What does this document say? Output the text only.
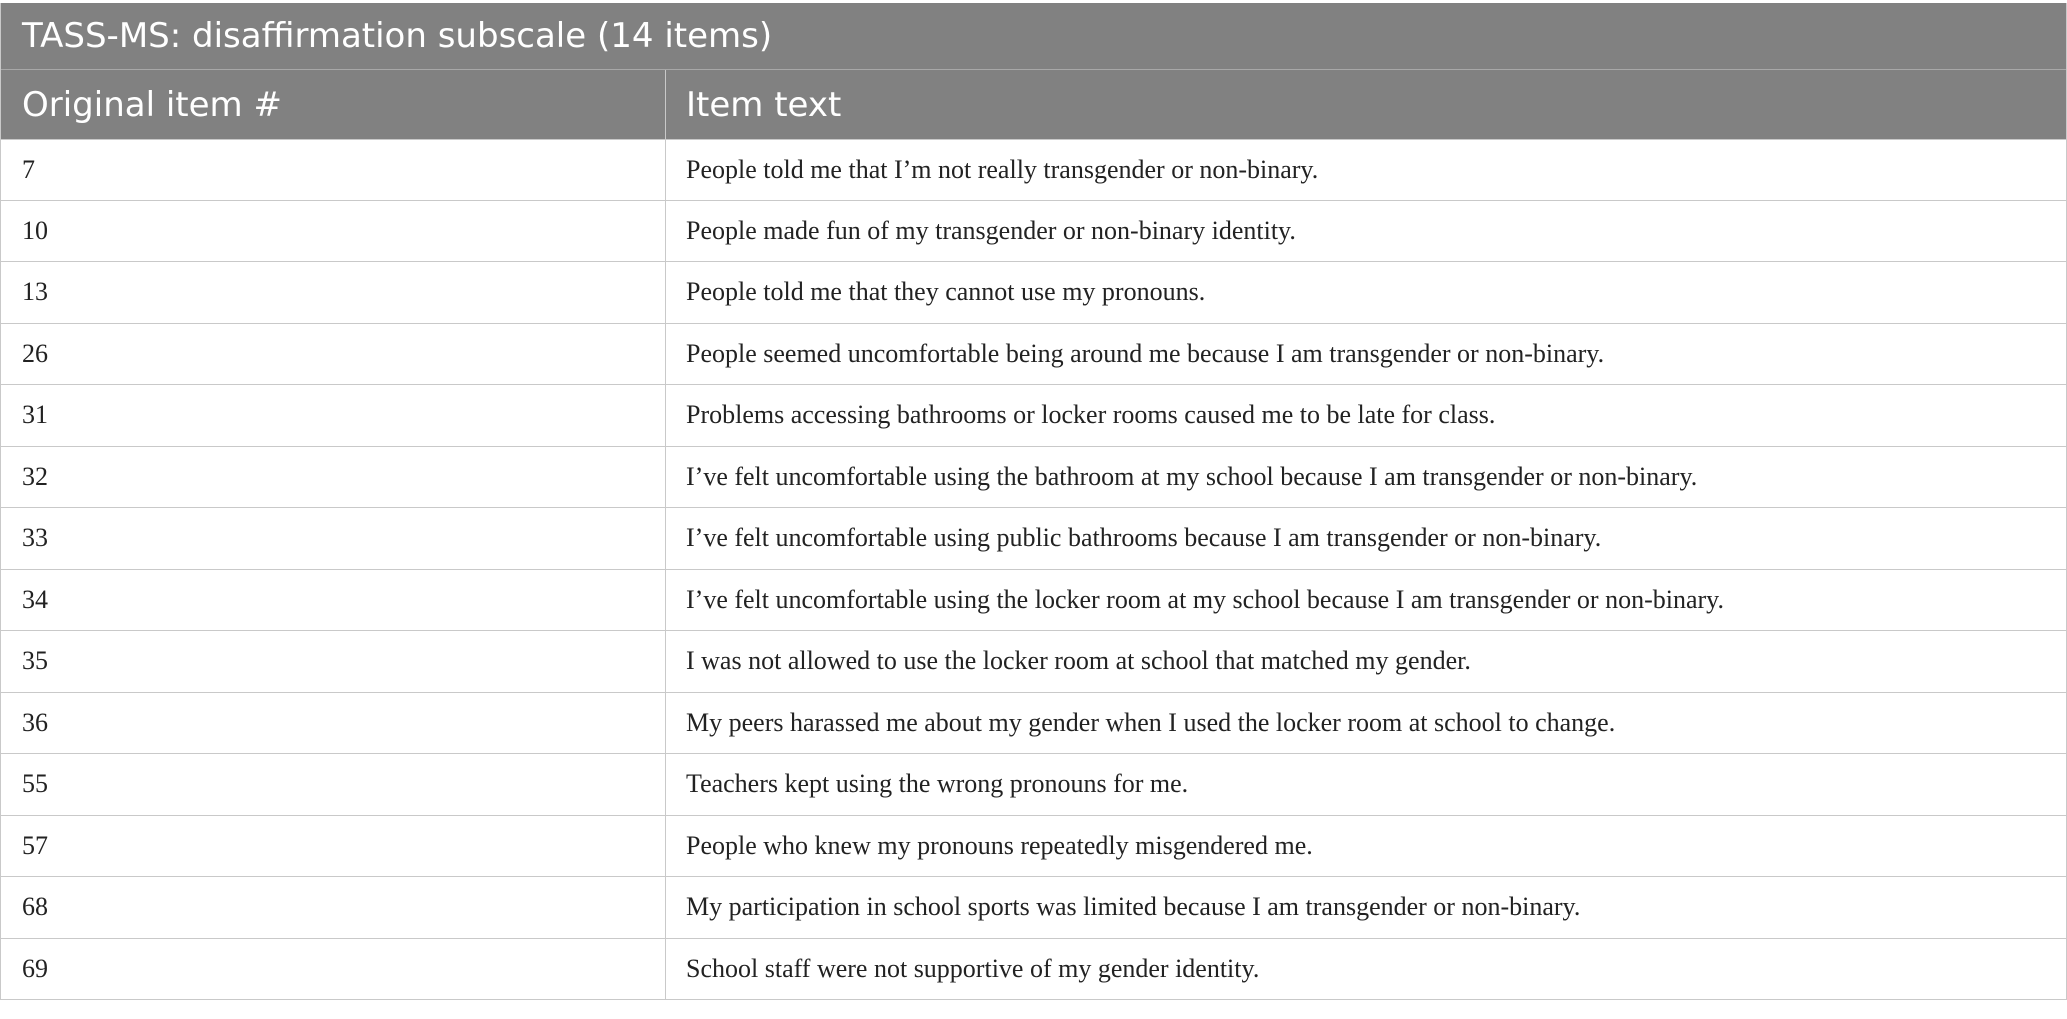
TASS-MS: disaffirmation subscale (14 items)
Original item #	Item text
7	People told me that I’m not really transgender or non-binary.
10	People made fun of my transgender or non-binary identity.
13	People told me that they cannot use my pronouns.
26	People seemed uncomfortable being around me because I am transgender or non-binary.
31	Problems accessing bathrooms or locker rooms caused me to be late for class.
32	I’ve felt uncomfortable using the bathroom at my school because I am transgender or non-binary.
33	I’ve felt uncomfortable using public bathrooms because I am transgender or non-binary.
34	I’ve felt uncomfortable using the locker room at my school because I am transgender or non-binary.
35	I was not allowed to use the locker room at school that matched my gender.
36	My peers harassed me about my gender when I used the locker room at school to change.
55	Teachers kept using the wrong pronouns for me.
57	People who knew my pronouns repeatedly misgendered me.
68	My participation in school sports was limited because I am transgender or non-binary.
69	School staff were not supportive of my gender identity.
